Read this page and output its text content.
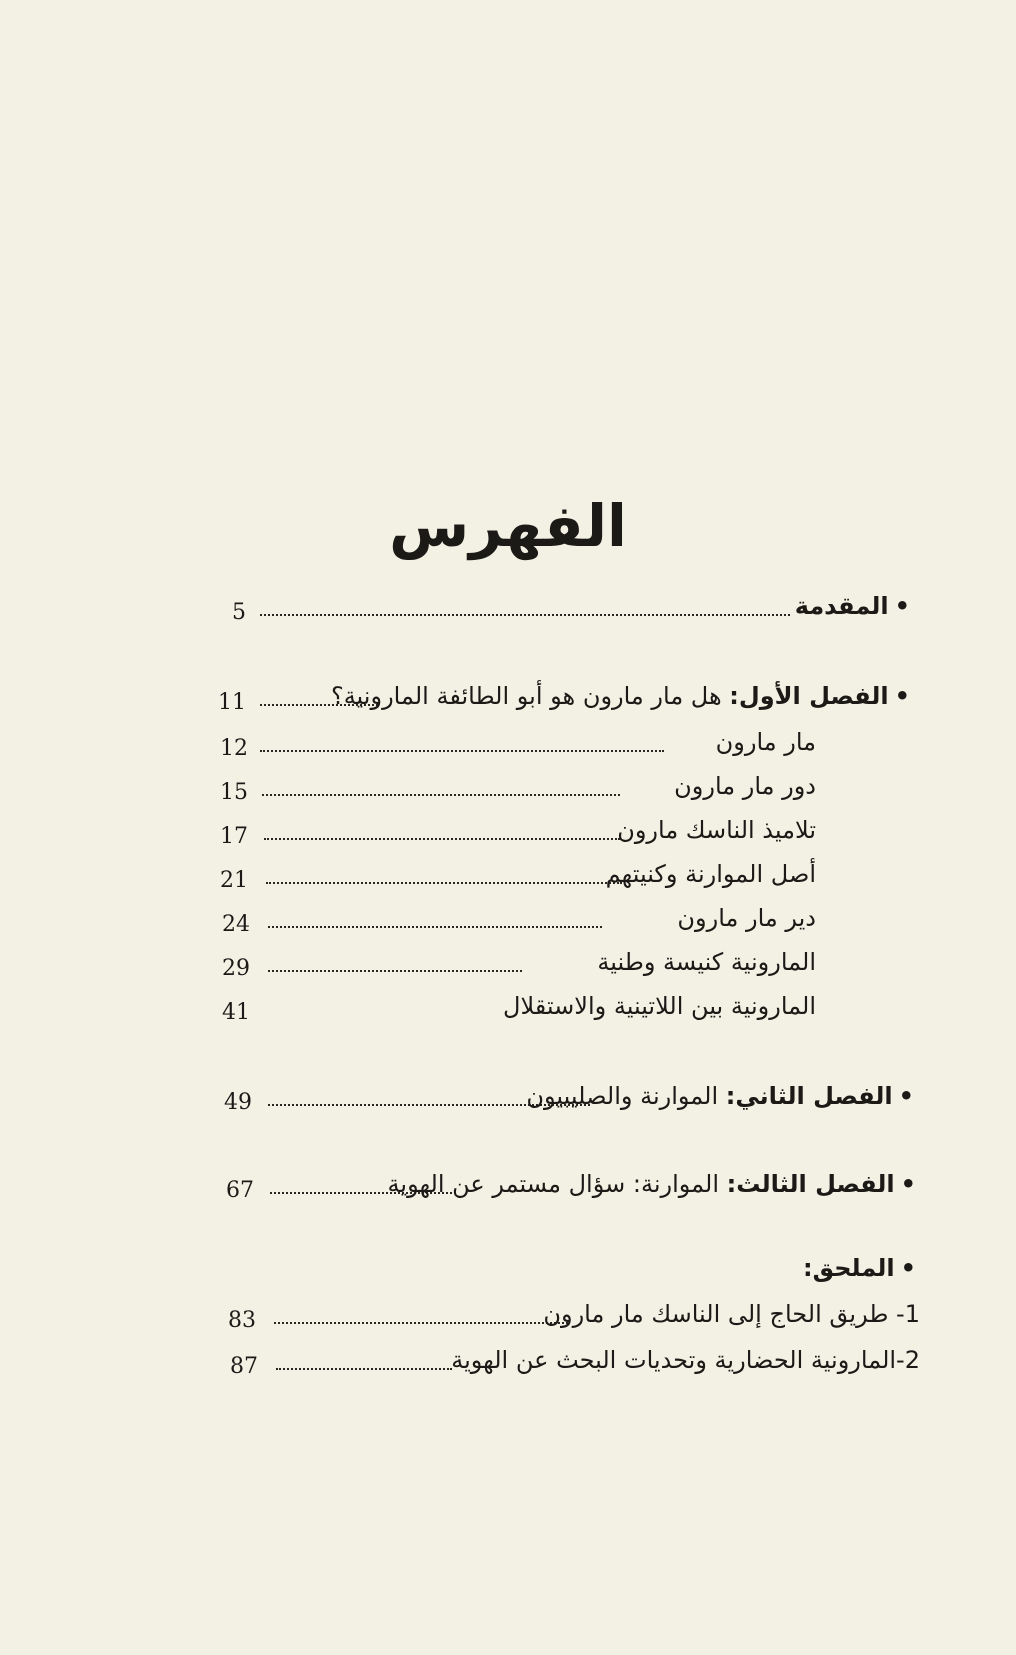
الفهرس
5	•المقدمة
11	•الفصل الأول: هل مار مارون هو أبو الطائفة المارونية؟
12	مار مارون
15	دور مار مارون
17	تلاميذ الناسك مارون
21	أصل الموارنة وكنيتهم
24	دير مار مارون
29	المارونية كنيسة وطنية
41	المارونية بين اللاتينية والاستقلال
49	•الفصل الثاني: الموارنة والصليبيون
67	•الفصل الثالث: الموارنة: سؤال مستمر عن الهوية
•الملحق:
83	1- طريق الحاج إلى الناسك مار مارون
87	2-المارونية الحضارية وتحديات البحث عن الهوية
